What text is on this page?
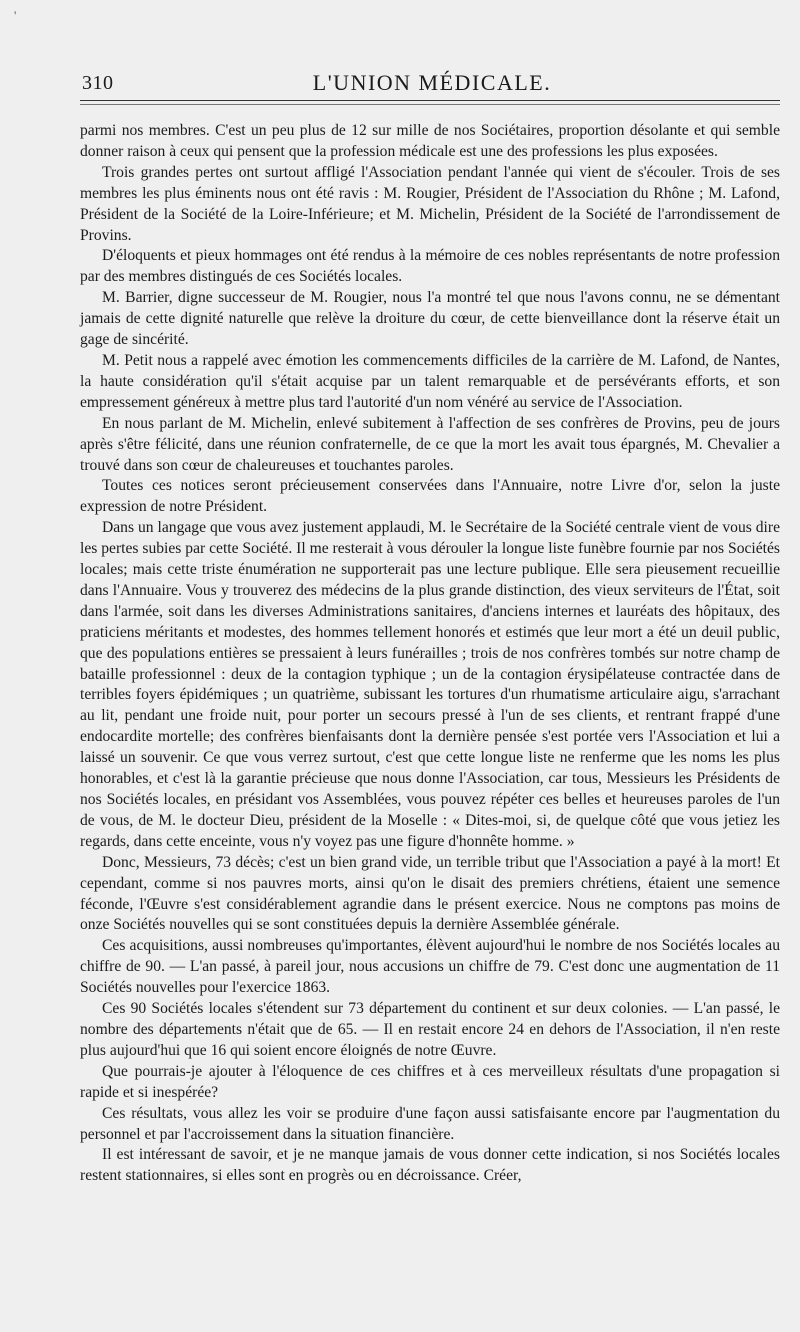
'
310	L'UNION MÉDICALE.

parmi nos membres. C'est un peu plus de 12 sur mille de nos Sociétaires, proportion désolante et qui semble donner raison à ceux qui pensent que la profession médicale est une des professions les plus exposées.

Trois grandes pertes ont surtout affligé l'Association pendant l'année qui vient de s'écouler. Trois de ses membres les plus éminents nous ont été ravis : M. Rougier, Président de l'Association du Rhône ; M. Lafond, Président de la Société de la Loire-Inférieure; et M. Michelin, Président de la Société de l'arrondissement de Provins.

D'éloquents et pieux hommages ont été rendus à la mémoire de ces nobles représentants de notre profession par des membres distingués de ces Sociétés locales.

M. Barrier, digne successeur de M. Rougier, nous l'a montré tel que nous l'avons connu, ne se démentant jamais de cette dignité naturelle que relève la droiture du cœur, de cette bienveillance dont la réserve était un gage de sincérité.

M. Petit nous a rappelé avec émotion les commencements difficiles de la carrière de M. Lafond, de Nantes, la haute considération qu'il s'était acquise par un talent remarquable et de persévérants efforts, et son empressement généreux à mettre plus tard l'autorité d'un nom vénéré au service de l'Association.

En nous parlant de M. Michelin, enlevé subitement à l'affection de ses confrères de Provins, peu de jours après s'être félicité, dans une réunion confraternelle, de ce que la mort les avait tous épargnés, M. Chevalier a trouvé dans son cœur de chaleureuses et touchantes paroles.

Toutes ces notices seront précieusement conservées dans l'Annuaire, notre Livre d'or, selon la juste expression de notre Président.

Dans un langage que vous avez justement applaudi, M. le Secrétaire de la Société centrale vient de vous dire les pertes subies par cette Société. Il me resterait à vous dérouler la longue liste funèbre fournie par nos Sociétés locales; mais cette triste énumération ne supporterait pas une lecture publique. Elle sera pieusement recueillie dans l'Annuaire. Vous y trouverez des médecins de la plus grande distinction, des vieux serviteurs de l'État, soit dans l'armée, soit dans les diverses Administrations sanitaires, d'anciens internes et lauréats des hôpitaux, des praticiens méritants et modestes, des hommes tellement honorés et estimés que leur mort a été un deuil public, que des populations entières se pressaient à leurs funérailles ; trois de nos confrères tombés sur notre champ de bataille professionnel : deux de la contagion typhique ; un de la contagion érysipélateuse contractée dans de terribles foyers épidémiques ; un quatrième, subissant les tortures d'un rhumatisme articulaire aigu, s'arrachant au lit, pendant une froide nuit, pour porter un secours pressé à l'un de ses clients, et rentrant frappé d'une endocardite mortelle; des confrères bienfaisants dont la dernière pensée s'est portée vers l'Association et lui a laissé un souvenir. Ce que vous verrez surtout, c'est que cette longue liste ne renferme que les noms les plus honorables, et c'est là la garantie précieuse que nous donne l'Association, car tous, Messieurs les Présidents de nos Sociétés locales, en présidant vos Assemblées, vous pouvez répéter ces belles et heureuses paroles de l'un de vous, de M. le docteur Dieu, président de la Moselle : « Dites-moi, si, de quelque côté que vous jetiez les regards, dans cette enceinte, vous n'y voyez pas une figure d'honnête homme. »

Donc, Messieurs, 73 décès; c'est un bien grand vide, un terrible tribut que l'Association a payé à la mort! Et cependant, comme si nos pauvres morts, ainsi qu'on le disait des premiers chrétiens, étaient une semence féconde, l'Œuvre s'est considérablement agrandie dans le présent exercice. Nous ne comptons pas moins de onze Sociétés nouvelles qui se sont constituées depuis la dernière Assemblée générale.

Ces acquisitions, aussi nombreuses qu'importantes, élèvent aujourd'hui le nombre de nos Sociétés locales au chiffre de 90. — L'an passé, à pareil jour, nous accusions un chiffre de 79. C'est donc une augmentation de 11 Sociétés nouvelles pour l'exercice 1863.

Ces 90 Sociétés locales s'étendent sur 73 département du continent et sur deux colonies. — L'an passé, le nombre des départements n'était que de 65. — Il en restait encore 24 en dehors de l'Association, il n'en reste plus aujourd'hui que 16 qui soient encore éloignés de notre Œuvre.

Que pourrais-je ajouter à l'éloquence de ces chiffres et à ces merveilleux résultats d'une propagation si rapide et si inespérée?

Ces résultats, vous allez les voir se produire d'une façon aussi satisfaisante encore par l'augmentation du personnel et par l'accroissement dans la situation financière.

Il est intéressant de savoir, et je ne manque jamais de vous donner cette indication, si nos Sociétés locales restent stationnaires, si elles sont en progrès ou en décroissance. Créer,
